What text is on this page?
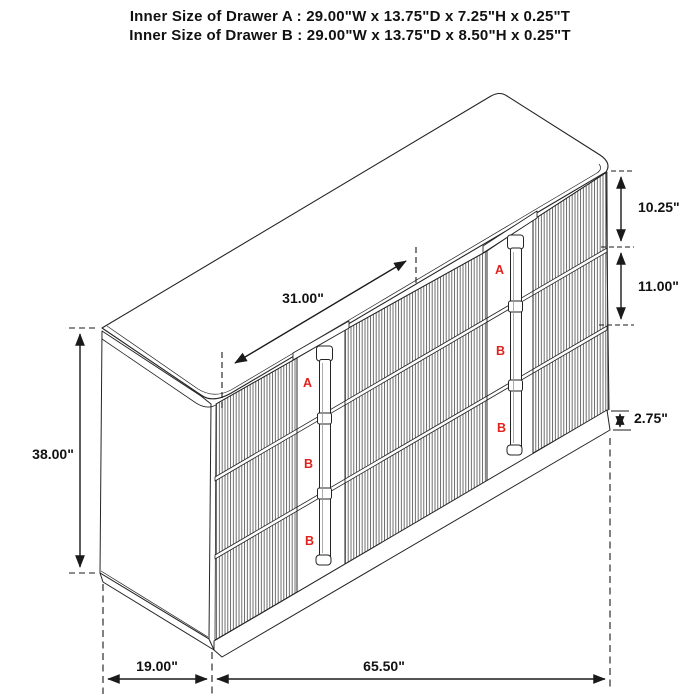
Inner Size of Drawer A : 29.00"W x 13.75"D x 7.25"H x 0.25"T
Inner Size of Drawer B : 29.00"W x 13.75"D x 8.50"H x 0.25"T
A
B
B
A
B
B
31.00"
38.00"
19.00"	65.50"
10.25"
11.00"
2.75"
